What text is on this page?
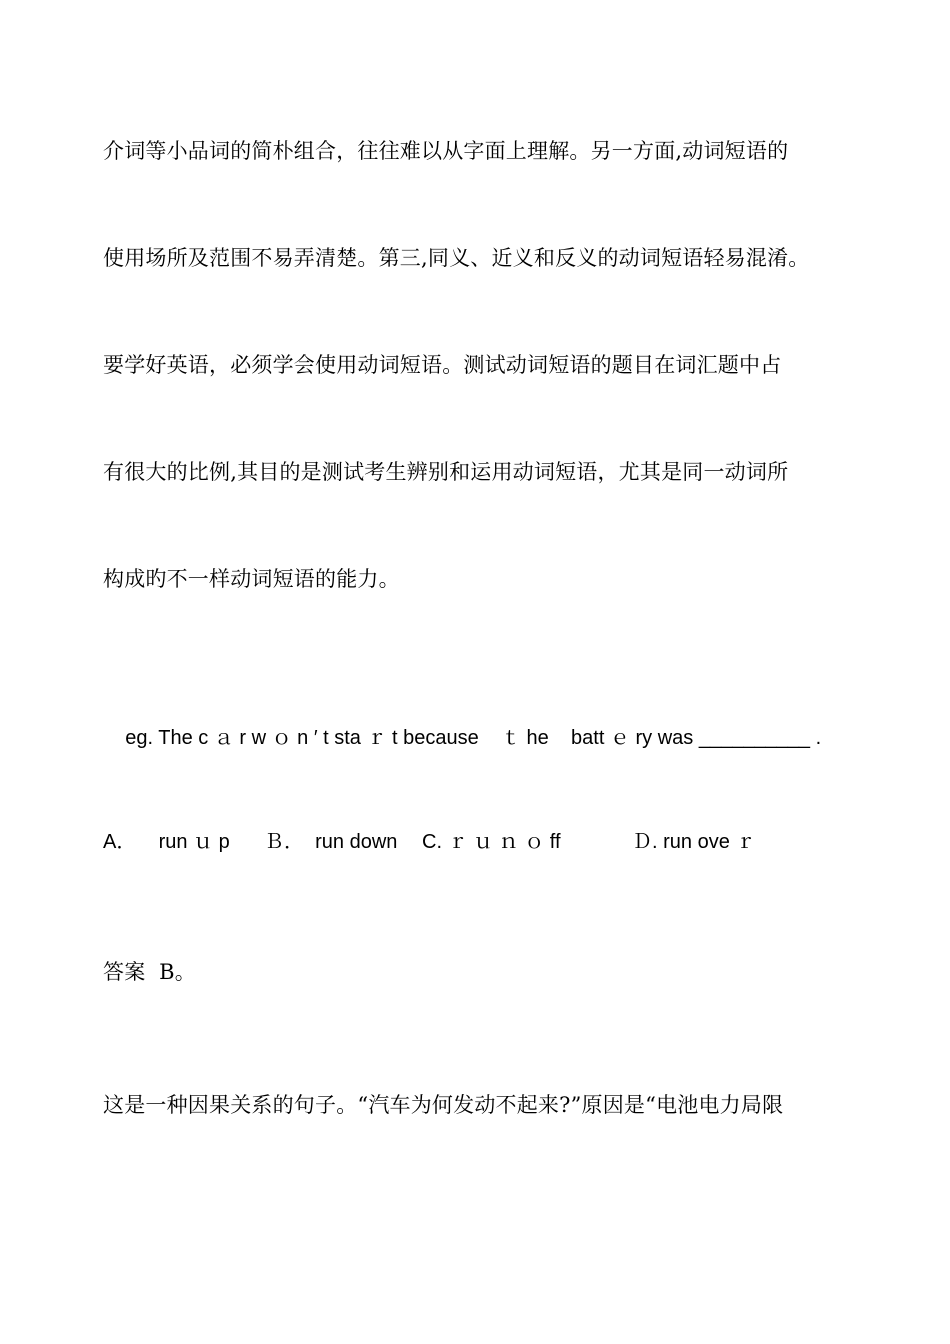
介词等小品词的简朴组合，往往难以从字面上理解。另一方面,动词短语的
使用场所及范围不易弄清楚。第三,同义、近义和反义的动词短语轻易混淆。
要学好英语，必须学会使用动词短语。测试动词短语的题目在词汇题中占
有很大的比例,其目的是测试考生辨别和运用动词短语，尤其是同一动词所
构成旳不一样动词短语的能力。

eg. The c ａ r w ｏ n ′ t sta ｒ t because    ｔ he    batt ｅ ry was __________ .

A．    run ｕ p Ｂ．  run down C. ｒ ｕ ｎ ｏ ff	Ｄ. run ove ｒ
答案  B。
这是一种因果关系的句子。“汽车为何发动不起来?”原因是“电池电力局限
